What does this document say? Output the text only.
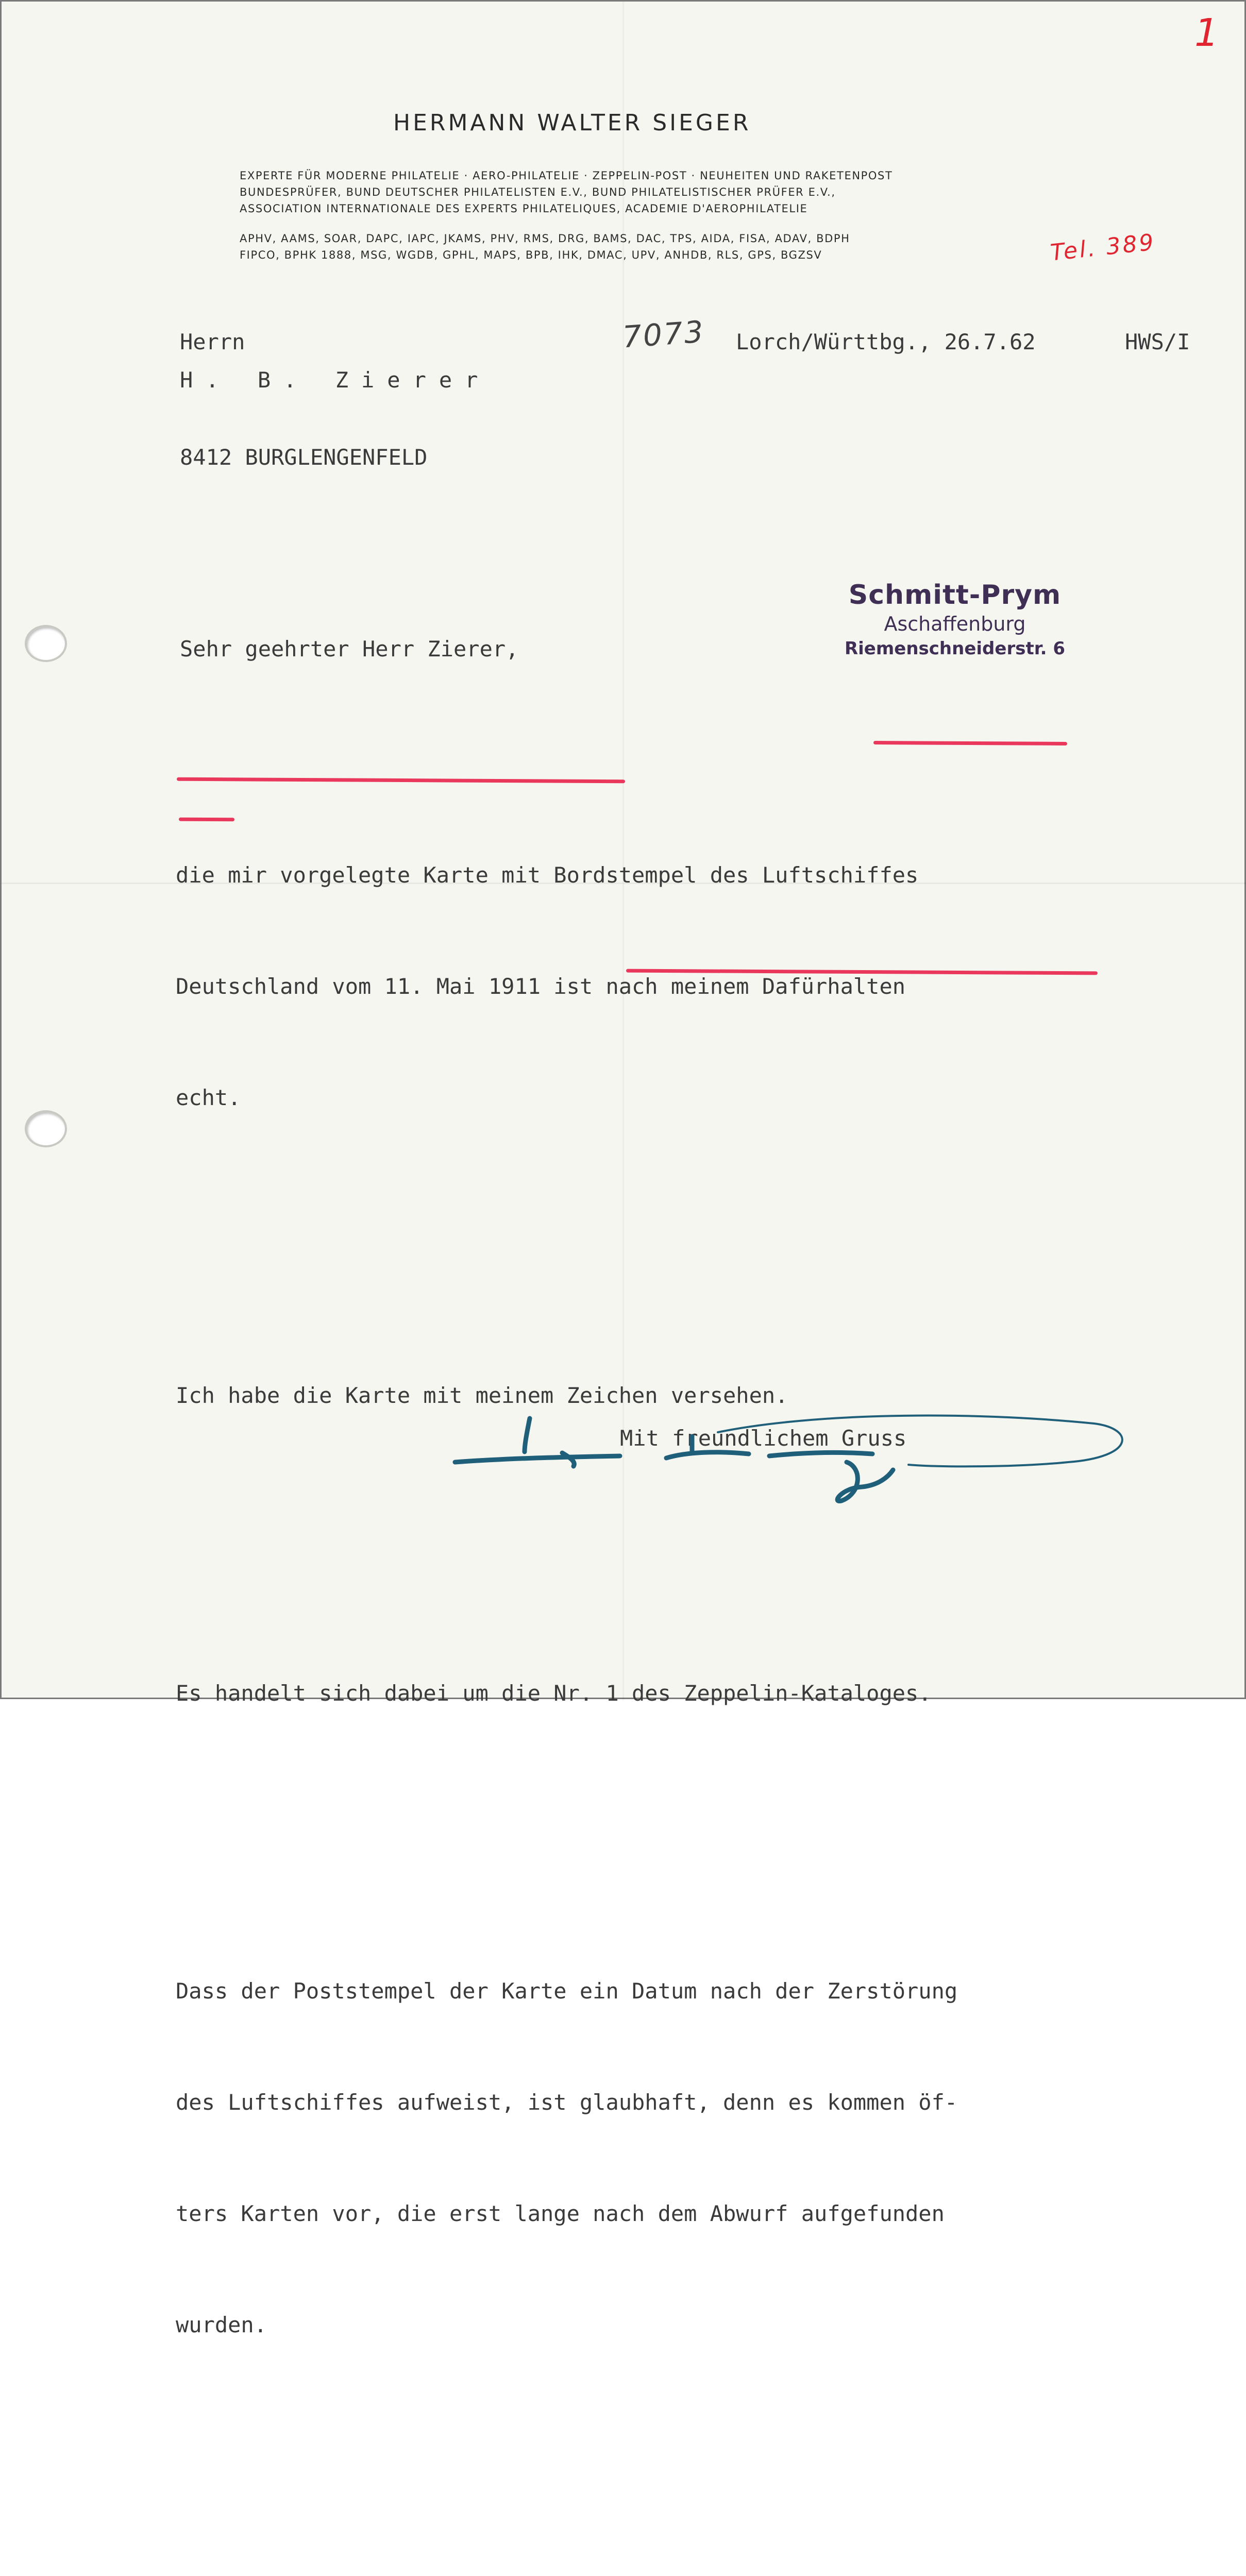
1
Tel. 389
7073
HERMANN WALTER SIEGER
EXPERTE FÜR MODERNE PHILATELIE · AERO-PHILATELIE · ZEPPELIN-POST · NEUHEITEN UND RAKETENPOST
BUNDESPRÜFER, BUND DEUTSCHER PHILATELISTEN E.V., BUND PHILATELISTISCHER PRÜFER E.V.,
ASSOCIATION INTERNATIONALE DES EXPERTS PHILATELIQUES, ACADEMIE D'AEROPHILATELIE
APHV, AAMS, SOAR, DAPC, IAPC, JKAMS, PHV, RMS, DRG, BAMS, DAC, TPS, AIDA, FISA, ADAV, BDPH
FIPCO, BPHK 1888, MSG, WGDB, GPHL, MAPS, BPB, IHK, DMAC, UPV, ANHDB, RLS, GPS, BGZSV
Lorch/Württbg., 26.7.62	HWS/I
Herrn
H. B. Zierer
8412 BURGLENGENFELD
Schmitt-Prym
Aschaffenburg
Riemenschneiderstr. 6
Sehr geehrter Herr Zierer,

die mir vorgelegte Karte mit Bordstempel des Luftschiffes

Deutschland vom 11. Mai 1911 ist nach meinem Dafürhalten

echt.

Ich habe die Karte mit meinem Zeichen versehen.

Es handelt sich dabei um die Nr. 1 des Zeppelin-Kataloges.

Dass der Poststempel der Karte ein Datum nach der Zerstörung

des Luftschiffes aufweist, ist glaubhaft, denn es kommen öf-

ters Karten vor, die erst lange nach dem Abwurf aufgefunden

wurden.

Mit freundlichem Gruss
